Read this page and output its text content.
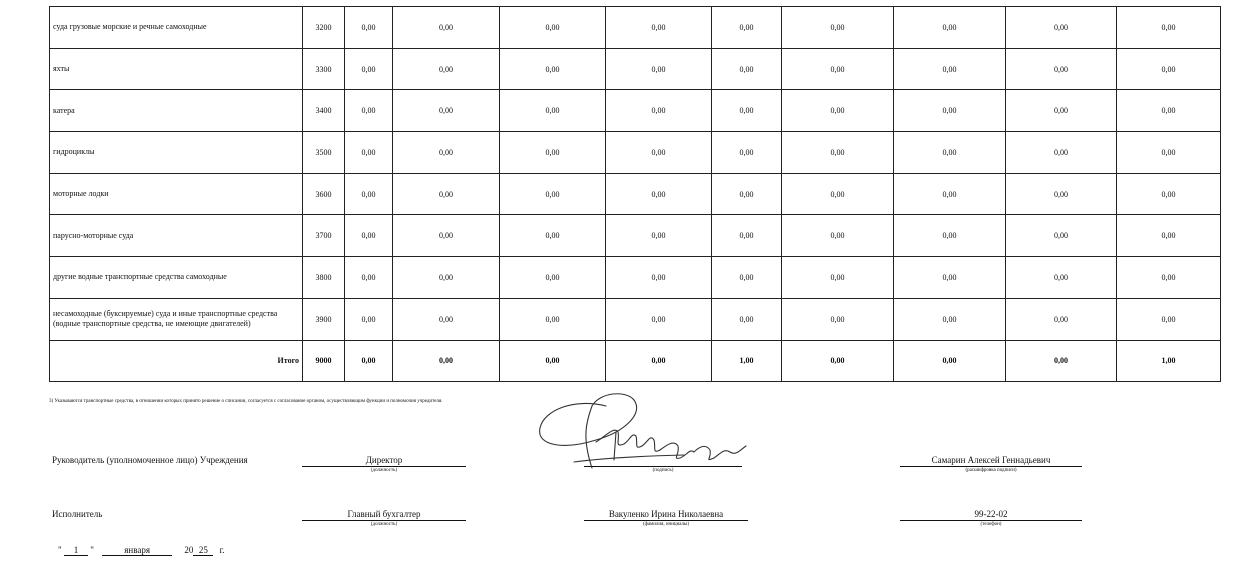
суда грузовые морские и речные самоходные	3200	0,00	0,00	0,00	0,00	0,00	0,00	0,00	0,00	0,00
яхты	3300	0,00	0,00	0,00	0,00	0,00	0,00	0,00	0,00	0,00
катера	3400	0,00	0,00	0,00	0,00	0,00	0,00	0,00	0,00	0,00
гидроциклы	3500	0,00	0,00	0,00	0,00	0,00	0,00	0,00	0,00	0,00
моторные лодки	3600	0,00	0,00	0,00	0,00	0,00	0,00	0,00	0,00	0,00
парусно-моторные суда	3700	0,00	0,00	0,00	0,00	0,00	0,00	0,00	0,00	0,00
другие водные транспортные средства самоходные	3800	0,00	0,00	0,00	0,00	0,00	0,00	0,00	0,00	0,00
несамоходные (буксируемые) суда и иные транспортные средства (водные транспортные средства, не имеющие двигателей)	3900	0,00	0,00	0,00	0,00	0,00	0,00	0,00	0,00	0,00
Итого	9000	0,00	0,00	0,00	0,00	1,00	0,00	0,00	0,00	1,00
3) Указываются транспортные средства, в отношении которых принято решение о списании, согласуется с согласование органом, осуществляющим функции и полномочия учредителя.
Руководитель (уполномоченное лицо) Учреждения	Директор
(должность)	(подпись)
Самарин Алексей Геннадьевич
(расшифровка подписи)
Исполнитель	Главный бухгалтер
(должность)
Вакуленко Ирина Николаевна
(фамилия, инициалы)
99-22-02
(телефон)
" 1 "	января	20 25 г.
